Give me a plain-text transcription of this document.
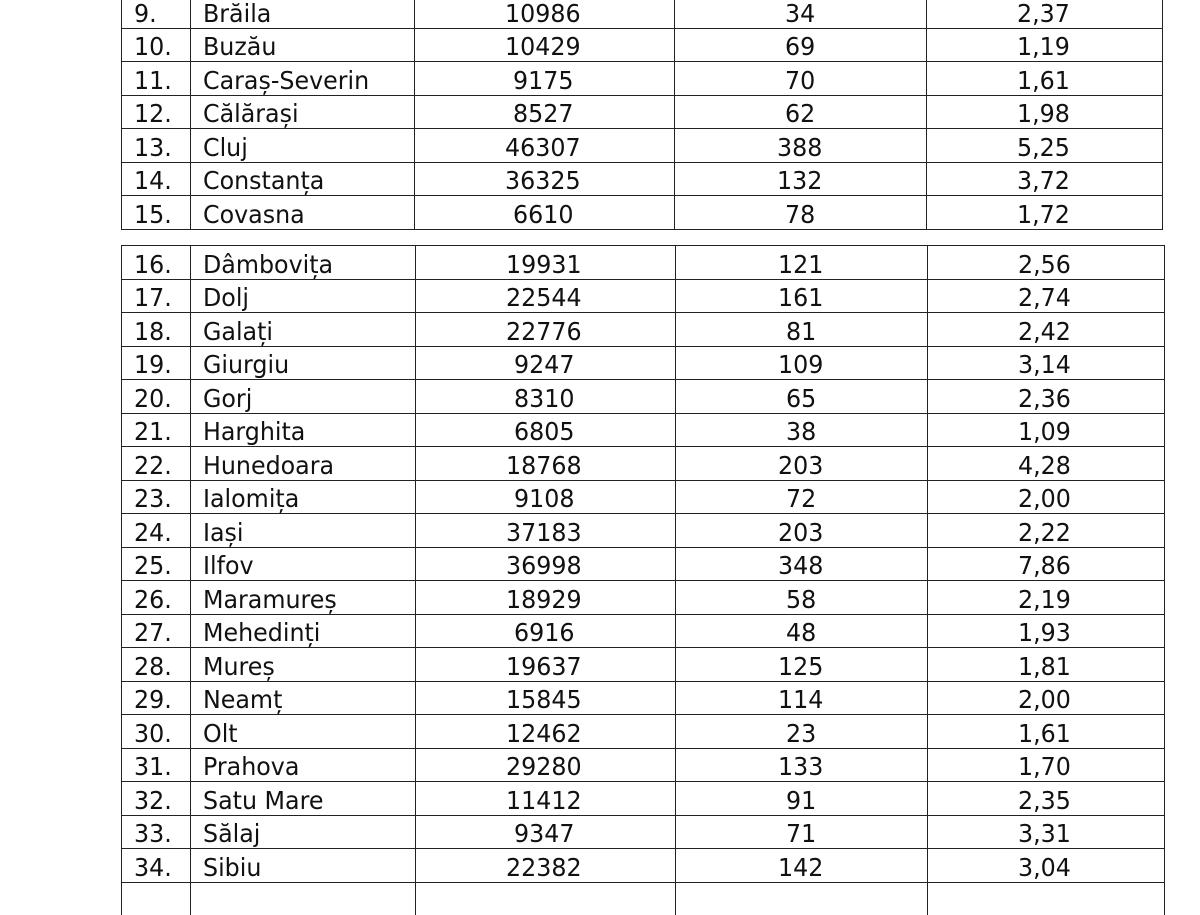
9.	Brăila	10986	34	2,37
10.	Buzău	10429	69	1,19
11.	Caraș-Severin	9175	70	1,61
12.	Călărași	8527	62	1,98
13.	Cluj	46307	388	5,25
14.	Constanța	36325	132	3,72
15.	Covasna	6610	78	1,72
16.	Dâmbovița	19931	121	2,56
17.	Dolj	22544	161	2,74
18.	Galați	22776	81	2,42
19.	Giurgiu	9247	109	3,14
20.	Gorj	8310	65	2,36
21.	Harghita	6805	38	1,09
22.	Hunedoara	18768	203	4,28
23.	Ialomița	9108	72	2,00
24.	Iași	37183	203	2,22
25.	Ilfov	36998	348	7,86
26.	Maramureș	18929	58	2,19
27.	Mehedinți	6916	48	1,93
28.	Mureș	19637	125	1,81
29.	Neamț	15845	114	2,00
30.	Olt	12462	23	1,61
31.	Prahova	29280	133	1,70
32.	Satu Mare	11412	91	2,35
33.	Sălaj	9347	71	3,31
34.	Sibiu	22382	142	3,04
